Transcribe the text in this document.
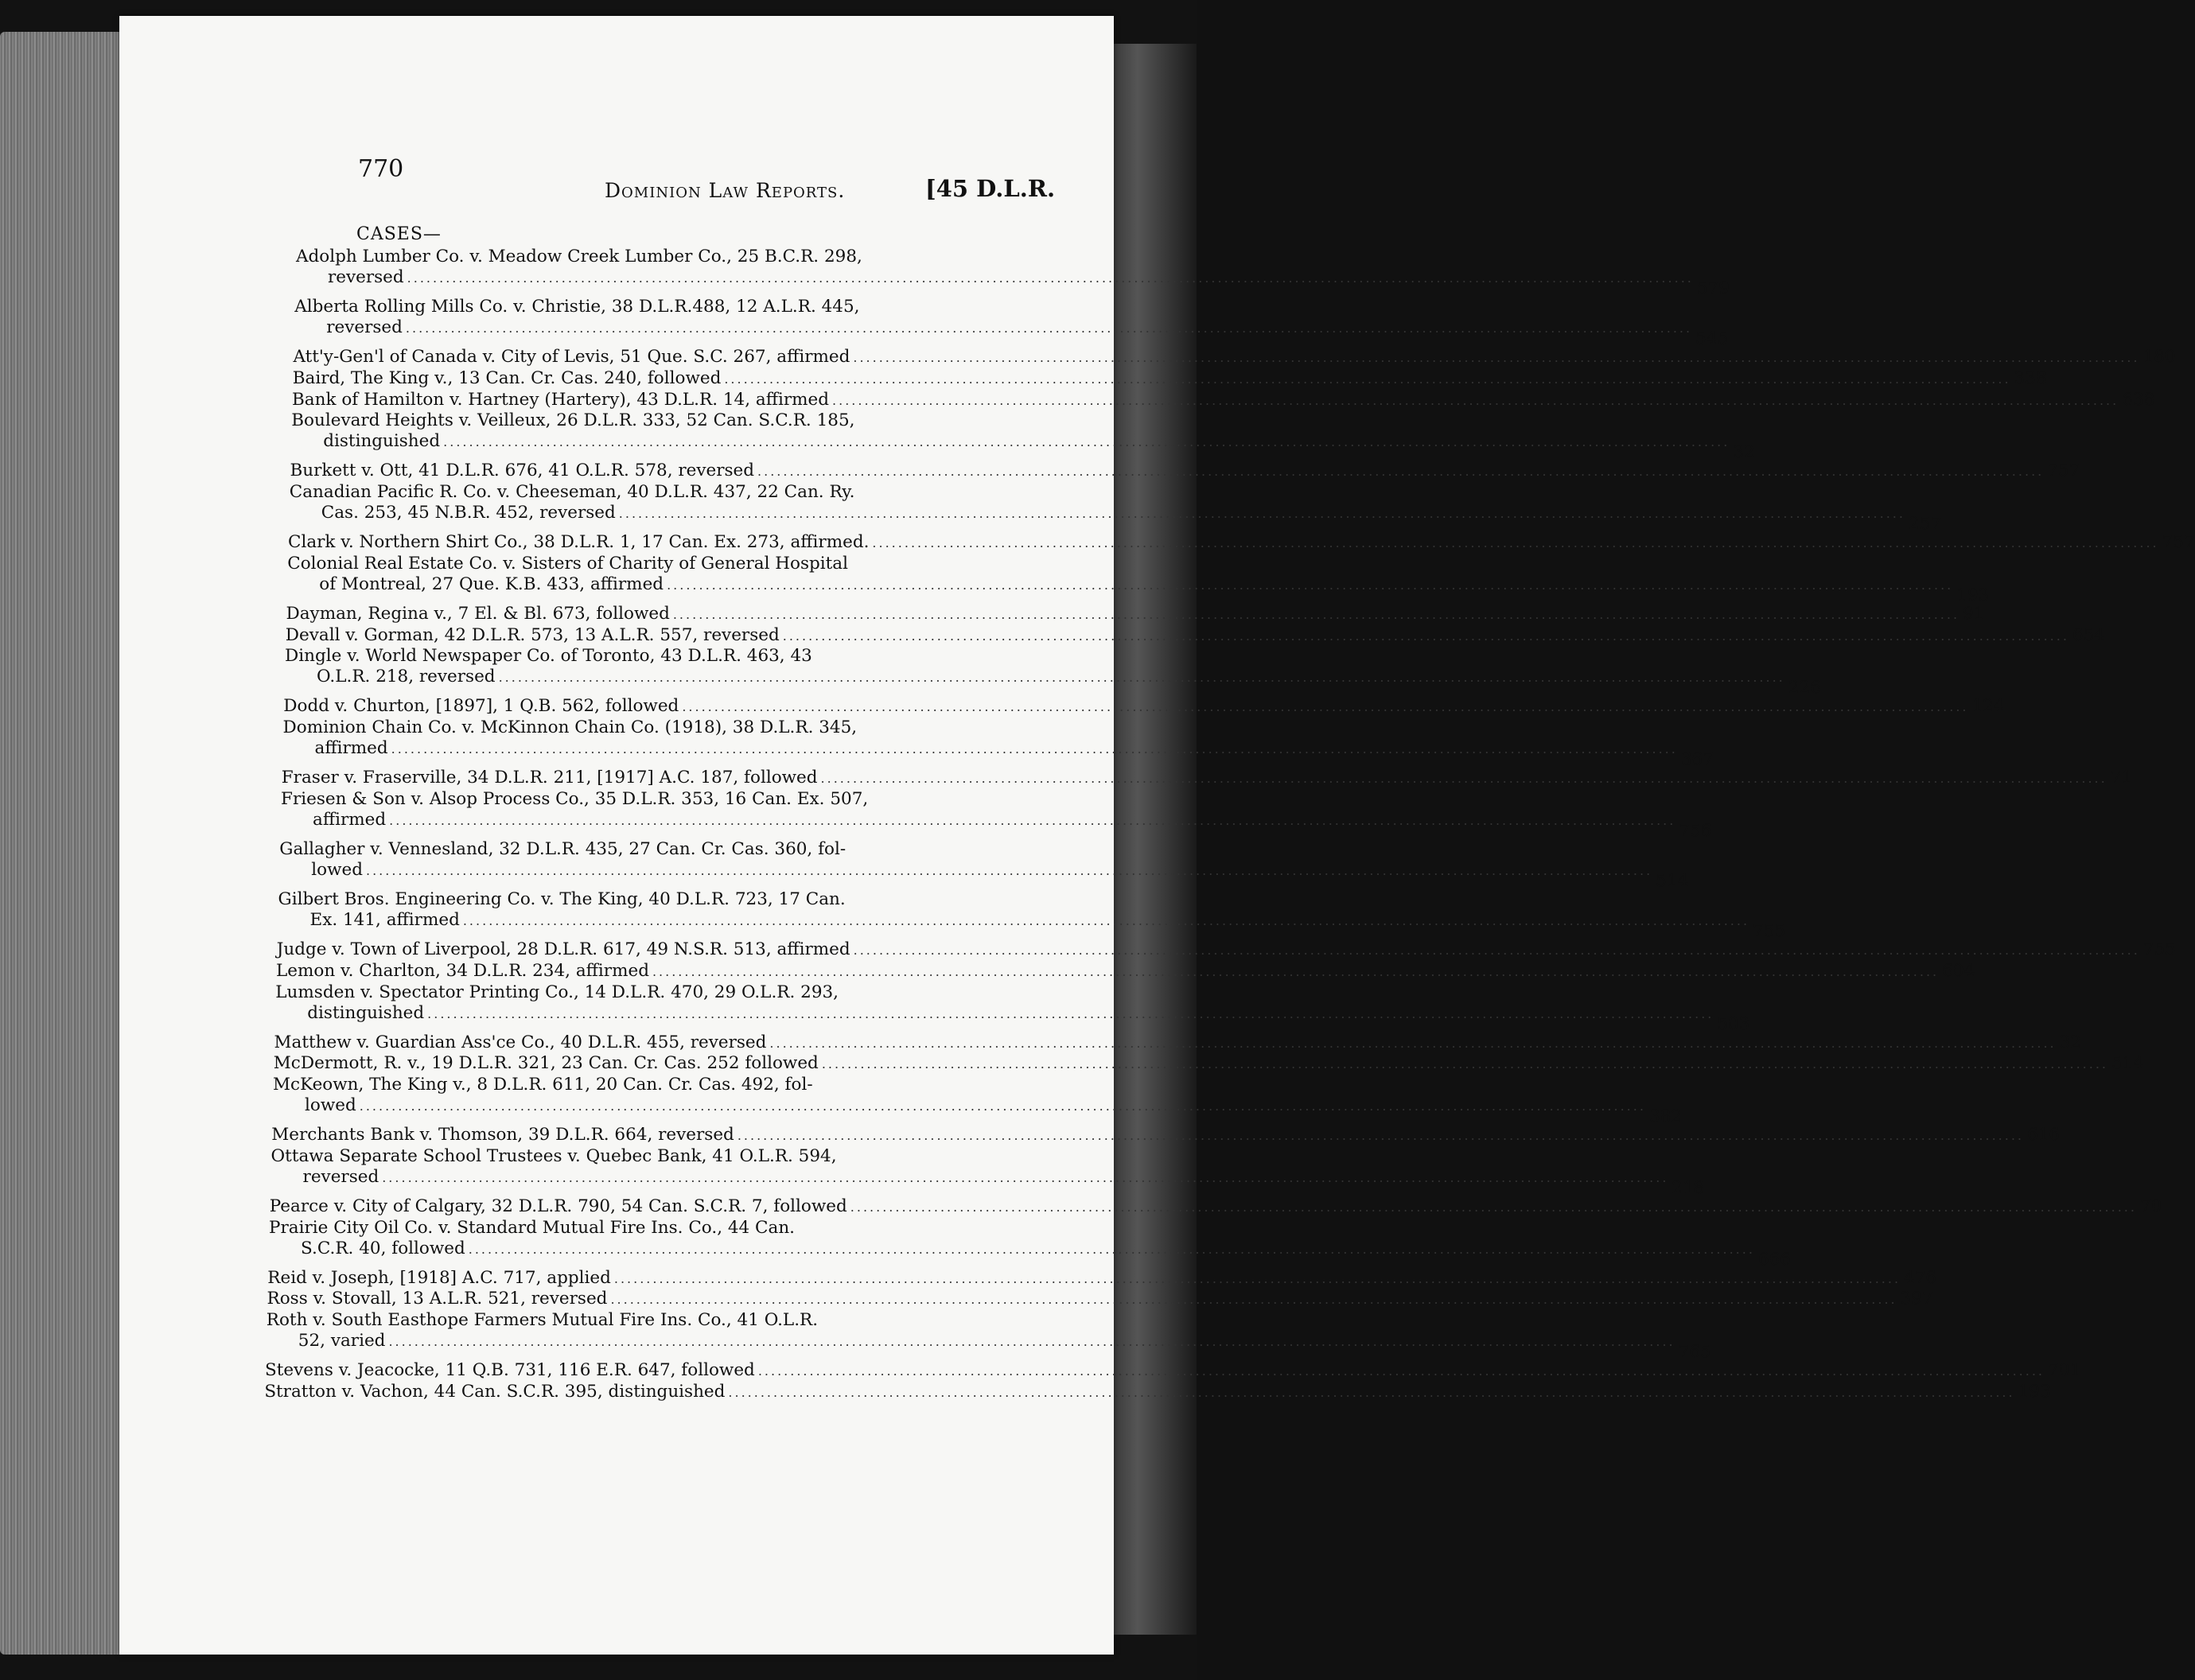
770
Dominion Law Reports.	[45 D.L.R.
CASES—
Adolph Lumber Co. v. Meadow Creek Lumber Co., 25 B.C.R. 298,
reversed ........................................................................................................................................................................................................
579
Alberta Rolling Mills Co. v. Christie, 38 D.L.R.488, 12 A.L.R. 445,
reversed ........................................................................................................................................................................................................
545
Att'y-Gen'l of Canada v. City of Levis, 51 Que. S.C. 267, affirmed ........................................................................................................................................................................................................ 180
Baird, The King v., 13 Can. Cr. Cas. 240, followed ........................................................................................................................................................................................................ 338
Bank of Hamilton v. Hartney (Hartery), 43 D.L.R. 14, affirmed ........................................................................................................................................................................................................ 638
Boulevard Heights v. Veilleux, 26 D.L.R. 333, 52 Can. S.C.R. 185,
distinguished ........................................................................................................................................................................................................
32
Burkett v. Ott, 41 D.L.R. 676, 41 O.L.R. 578, reversed ........................................................................................................................................................................................................ 757
Canadian Pacific R. Co. v. Cheeseman, 40 D.L.R. 437, 22 Can. Ry.
Cas. 253, 45 N.B.R. 452, reversed ........................................................................................................................................................................................................
257
Clark v. Northern Shirt Co., 38 D.L.R. 1, 17 Can. Ex. 273, affirmed. ........................................................................................................................................................................................................ 757
Colonial Real Estate Co. v. Sisters of Charity of General Hospital
of Montreal, 27 Que. K.B. 433, affirmed ........................................................................................................................................................................................................
193
Dayman, Regina v., 7 El. & Bl. 673, followed ........................................................................................................................................................................................................ 91
Devall v. Gorman, 42 D.L.R. 573, 13 A.L.R. 557, reversed ........................................................................................................................................................................................................ 654
Dingle v. World Newspaper Co. of Toronto, 43 D.L.R. 463, 43
O.L.R. 218, reversed ........................................................................................................................................................................................................
226
Dodd v. Churton, [1897], 1 Q.B. 562, followed ........................................................................................................................................................................................................ 124
Dominion Chain Co. v. McKinnon Chain Co. (1918), 38 D.L.R. 345,
affirmed ........................................................................................................................................................................................................
367
Fraser v. Fraserville, 34 D.L.R. 211, [1917] A.C. 187, followed ........................................................................................................................................................................................................ 71
Friesen & Son v. Alsop Process Co., 35 D.L.R. 353, 16 Can. Ex. 507,
affirmed ........................................................................................................................................................................................................
756
Gallagher v. Vennesland, 32 D.L.R. 435, 27 Can. Cr. Cas. 360, fol-
lowed ........................................................................................................................................................................................................
514
Gilbert Bros. Engineering Co. v. The King, 40 D.L.R. 723, 17 Can.
Ex. 141, affirmed ........................................................................................................................................................................................................
755
Judge v. Town of Liverpool, 28 D.L.R. 617, 49 N.S.R. 513, affirmed ........................................................................................................................................................................................................ 755
Lemon v. Charlton, 34 D.L.R. 234, affirmed ........................................................................................................................................................................................................ 604
Lumsden v. Spectator Printing Co., 14 D.L.R. 470, 29 O.L.R. 293,
distinguished ........................................................................................................................................................................................................
503
Matthew v. Guardian Ass'ce Co., 40 D.L.R. 455, reversed ........................................................................................................................................................................................................ 32
McDermott, R. v., 19 D.L.R. 321, 23 Can. Cr. Cas. 252 followed ........................................................................................................................................................................................................ 514
McKeown, The King v., 8 D.L.R. 611, 20 Can. Cr. Cas. 492, fol-
lowed ........................................................................................................................................................................................................
382
Merchants Bank v. Thomson, 39 D.L.R. 664, reversed ........................................................................................................................................................................................................ 616
Ottawa Separate School Trustees v. Quebec Bank, 41 O.L.R. 594,
reversed ........................................................................................................................................................................................................
218
Pearce v. City of Calgary, 32 D.L.R. 790, 54 Can. S.C.R. 7, followed ........................................................................................................................................................................................................ 70
Prairie City Oil Co. v. Standard Mutual Fire Ins. Co., 44 Can.
S.C.R. 40, followed ........................................................................................................................................................................................................
666
Reid v. Joseph, [1918] A.C. 717, applied ........................................................................................................................................................................................................ 476
Ross v. Stovall, 13 A.L.R. 521, reversed ........................................................................................................................................................................................................ 397
Roth v. South Easthope Farmers Mutual Fire Ins. Co., 41 O.L.R.
52, varied ........................................................................................................................................................................................................
765
Stevens v. Jeacocke, 11 Q.B. 731, 116 E.R. 647, followed ........................................................................................................................................................................................................ 701
Stratton v. Vachon, 44 Can. S.C.R. 395, distinguished ........................................................................................................................................................................................................ 193
